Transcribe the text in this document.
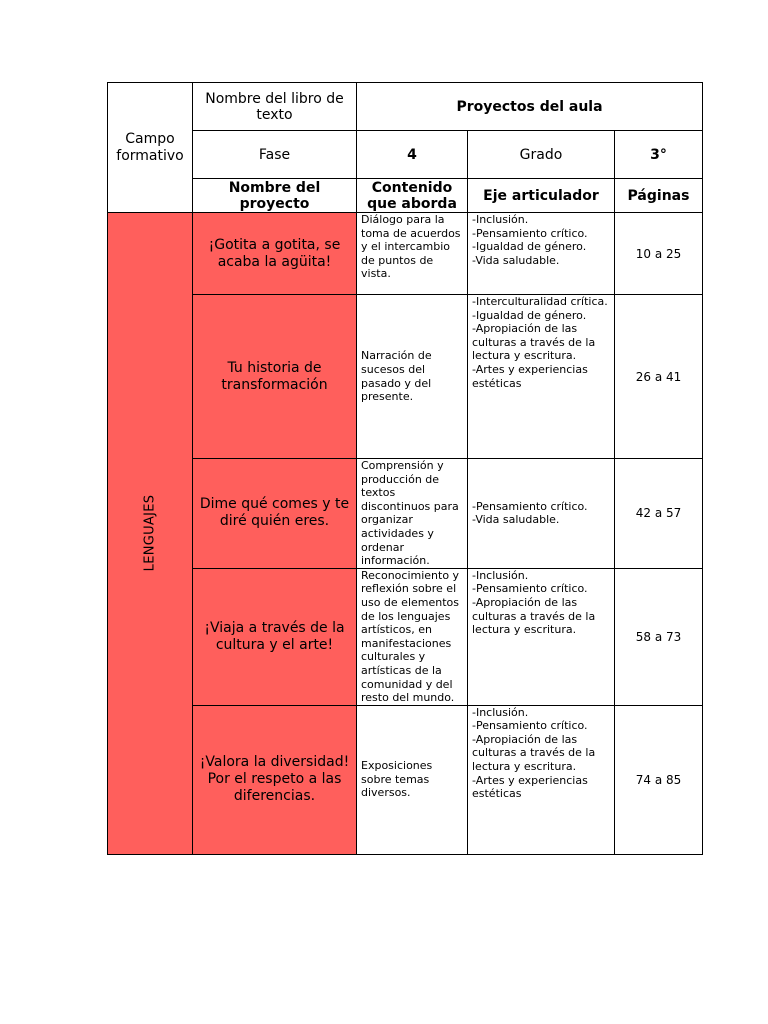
Campo formativo	Nombre del libro de texto	Proyectos del aula		
	Fase	4	Grado	3°
	Nombre del proyecto	Contenido que aborda	Eje articulador	Páginas

LENGUAJES	¡Gotita a gotita, se acaba la agüita!	Diálogo para la toma de acuerdos y el intercambio de puntos de vista.	-Inclusión.
-Pensamiento crítico.
-Igualdad de género.
-Vida saludable.	10 a 25
	Tu historia de transformación	Narración de sucesos del pasado y del presente.	-Interculturalidad crítica.
-Igualdad de género.
-Apropiación de las culturas a través de la lectura y escritura.
-Artes y experiencias estéticas	26 a 41
	Dime qué comes y te diré quién eres.	Comprensión y producción de textos discontinuos para organizar actividades y ordenar información.	-Pensamiento crítico.
-Vida saludable.	42 a 57
	¡Viaja a través de la cultura y el arte!	Reconocimiento y reflexión sobre el uso de elementos de los lenguajes artísticos, en manifestaciones culturales y artísticas de la comunidad y del resto del mundo.	-Inclusión.
-Pensamiento crítico.
-Apropiación de las culturas a través de la lectura y escritura.	58 a 73
	¡Valora la diversidad! Por el respeto a las diferencias.	Exposiciones sobre temas diversos.	-Inclusión.
-Pensamiento crítico.
-Apropiación de las culturas a través de la lectura y escritura.
-Artes y experiencias estéticas	74 a 85
